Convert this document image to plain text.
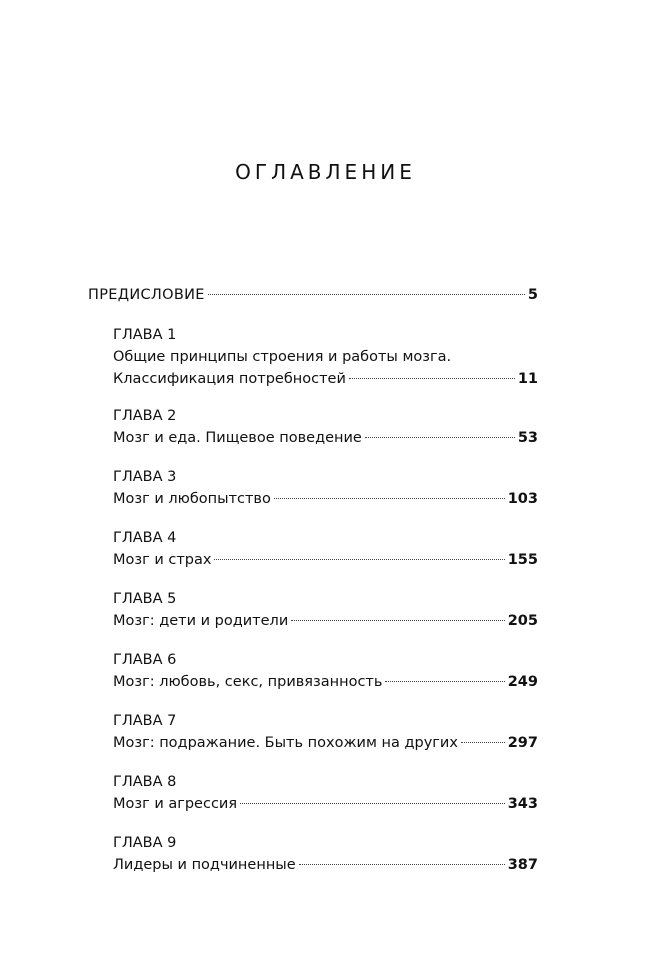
ОГЛАВЛЕНИЕ
ПРЕДИСЛОВИЕ	5
ГЛАВА 1
Общие принципы строения и работы мозга.
Классификация потребностей	11
ГЛАВА 2
Мозг и еда. Пищевое поведение	53
ГЛАВА 3
Мозг и любопытство	103
ГЛАВА 4
Мозг и страх	155
ГЛАВА 5
Мозг: дети и родители	205
ГЛАВА 6
Мозг: любовь, секс, привязанность	249
ГЛАВА 7
Мозг: подражание. Быть похожим на других	297
ГЛАВА 8
Мозг и агрессия	343
ГЛАВА 9
Лидеры и подчиненные	387
